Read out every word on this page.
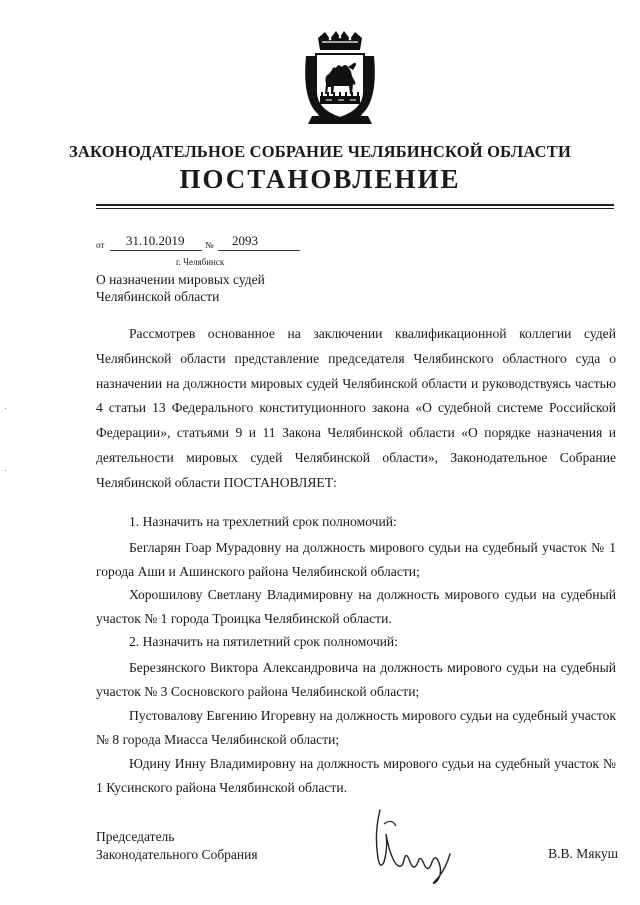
ЗАКОНОДАТЕЛЬНОЕ СОБРАНИЕ ЧЕЛЯБИНСКОЙ ОБЛАСТИ
ПОСТАНОВЛЕНИЕ
от 31.10.2019 № 2093
г. Челябинск
О назначении мировых судей
Челябинской области
Рассмотрев основанное на заключении квалификационной коллегии судей Челябинской области представление председателя Челябинского областного суда о назначении на должности мировых судей Челябинской области и руководствуясь частью 4 статьи 13 Федерального конституционного закона «О судебной системе Российской Федерации», статьями 9 и 11 Закона Челябинской области «О порядке назначения и деятельности мировых судей Челябинской области», Законодательное Собрание Челябинской области ПОСТАНОВЛЯЕТ:
1. Назначить на трехлетний срок полномочий:
Бегларян Гоар Мурадовну на должность мирового судьи на судебный участок № 1 города Аши и Ашинского района Челябинской области;
Хорошилову Светлану Владимировну на должность мирового судьи на судебный участок № 1 города Троицка Челябинской области.
2. Назначить на пятилетний срок полномочий:
Березянского Виктора Александровича на должность мирового судьи на судебный участок № 3 Сосновского района Челябинской области;
Пустовалову Евгению Игоревну на должность мирового судьи на судебный участок № 8 города Миасса Челябинской области;
Юдину Инну Владимировну на должность мирового судьи на судебный участок № 1 Кусинского района Челябинской области.
Председатель
Законодательного Собрания	В.В. Мякуш
